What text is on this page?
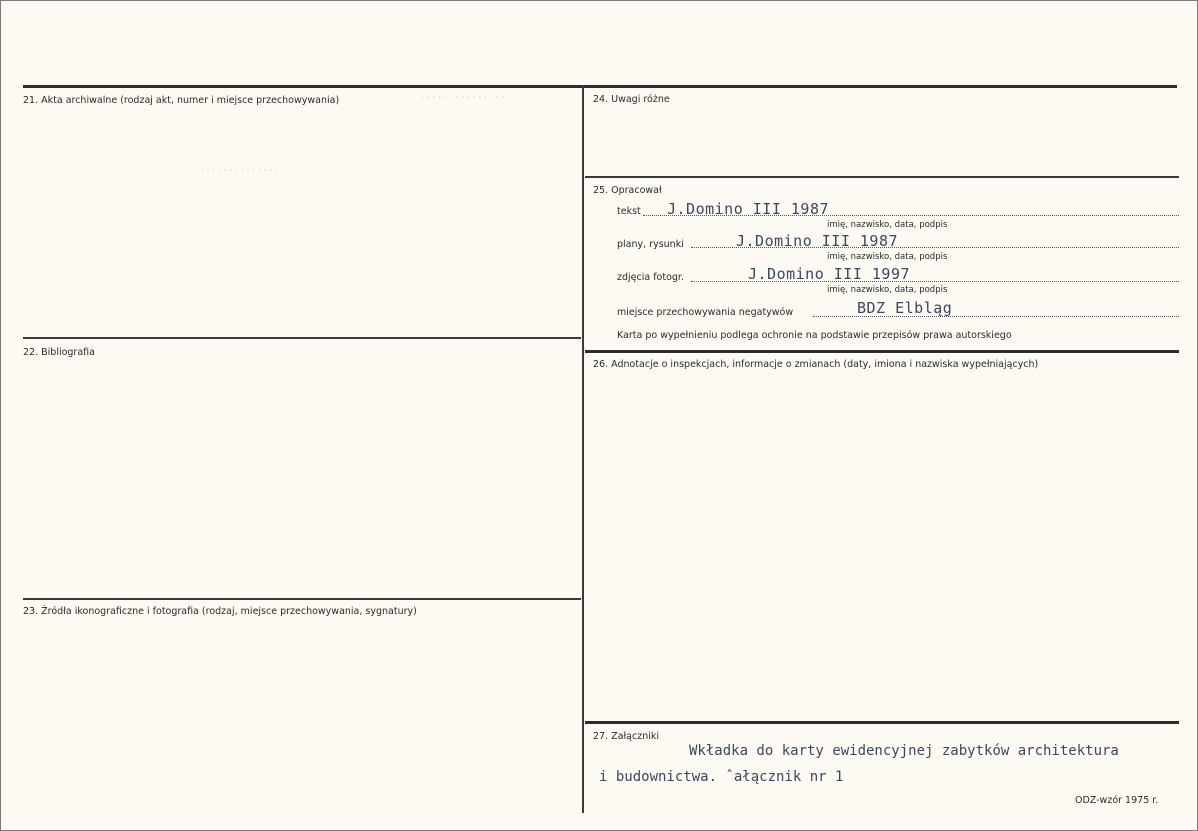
· · · · · · · · · · · · · · ·
· · · · · · · · · · · · · ·
21. Akta archiwalne (rodzaj akt, numer i miejsce przechowywania)
22. Bibliografia
23. Źródła ikonograficzne i fotografia (rodzaj, miejsce przechowywania, sygnatury)
24. Uwagi różne
25. Opracował
tekst J.Domino III 1987
imię, nazwisko, data, podpis
plany, rysunki	J.Domino III 1987
imię, nazwisko, data, podpis
zdjęcia fotogr.	J.Domino III 1997
imię, nazwisko, data, podpis
miejsce przechowywania negatywów	BDZ Elbląg
Karta po wypełnieniu podlega ochronie na podstawie przepisów prawa autorskiego
26. Adnotacje o inspekcjach, informacje o zmianach (daty, imiona i nazwiska wypełniających)
27. Załączniki
Wkładka do karty ewidencyjnej zabytków architektura
i budownictwa. ˆałącznik nr 1
ODZ-wzór 1975 r.
